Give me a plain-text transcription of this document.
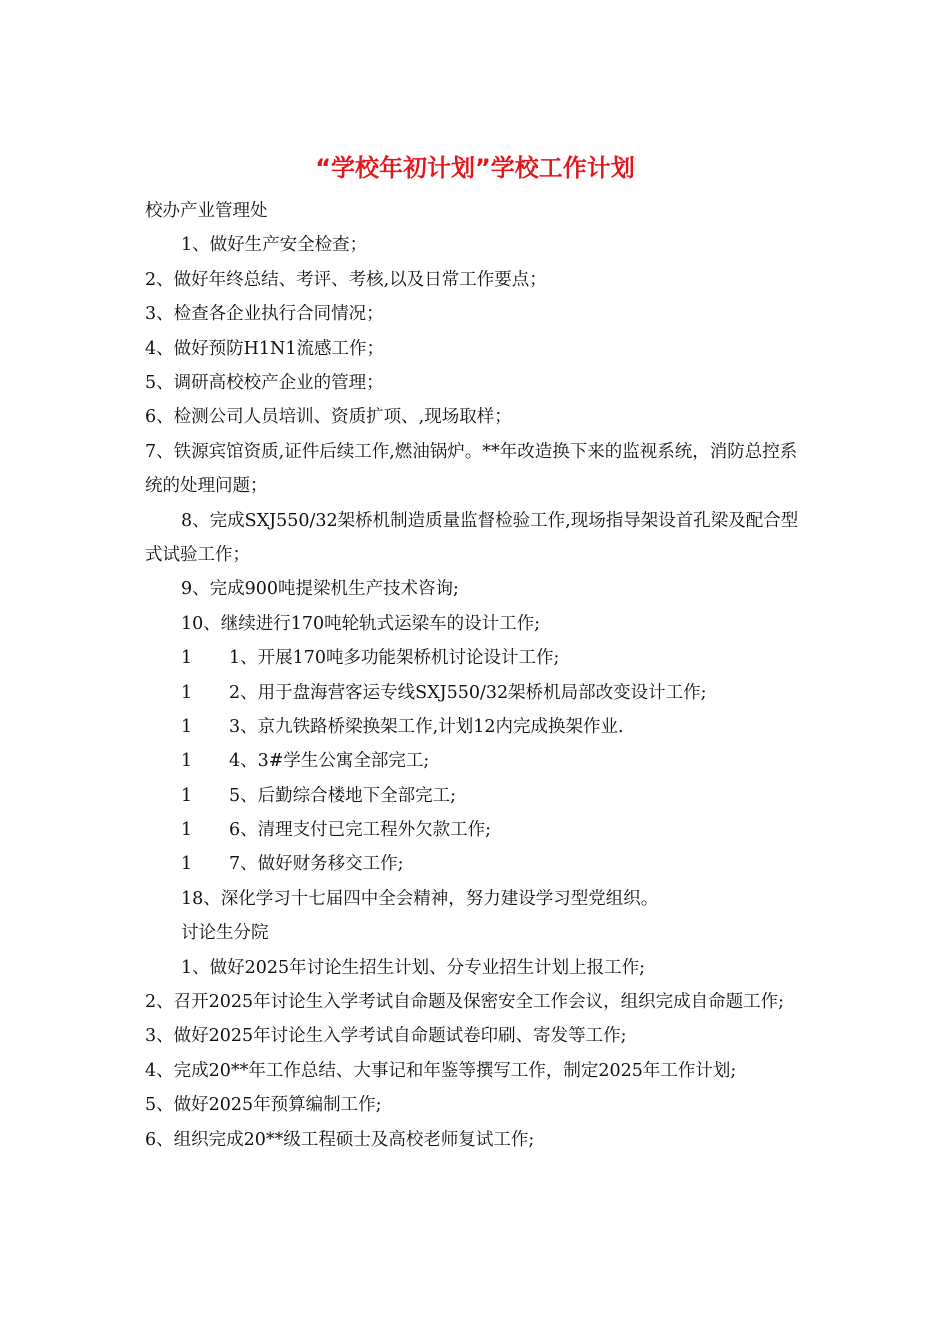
“学校年初计划”学校工作计划
校办产业管理处
1、做好生产安全检查；
2、做好年终总结、考评、考核,以及日常工作要点；
3、检查各企业执行合同情况；
4、做好预防H1N1流感工作；
5、调研高校校产企业的管理；
6、检测公司人员培训、资质扩项、,现场取样；
7、铁源宾馆资质,证件后续工作,燃油锅炉。**年改造换下来的监视系统，消防总控系统的处理问题；
8、完成SXJ550/32架桥机制造质量监督检验工作,现场指导架设首孔梁及配合型式试验工作；
9、完成900吨提梁机生产技术咨询;
10、继续进行170吨轮轨式运梁车的设计工作;
1 1、开展170吨多功能架桥机讨论设计工作;
1 2、用于盘海营客运专线SXJ550/32架桥机局部改变设计工作;
1 3、京九铁路桥梁换架工作,计划12内完成换架作业.
1 4、3#学生公寓全部完工;
1 5、后勤综合楼地下全部完工;
1 6、清理支付已完工程外欠款工作;
1 7、做好财务移交工作;
18、深化学习十七届四中全会精神，努力建设学习型党组织。
讨论生分院
1、做好2025年讨论生招生计划、分专业招生计划上报工作;
2、召开2025年讨论生入学考试自命题及保密安全工作会议，组织完成自命题工作;
3、做好2025年讨论生入学考试自命题试卷印刷、寄发等工作;
4、完成20**年工作总结、大事记和年鉴等撰写工作，制定2025年工作计划;
5、做好2025年预算编制工作;
6、组织完成20**级工程硕士及高校老师复试工作;
